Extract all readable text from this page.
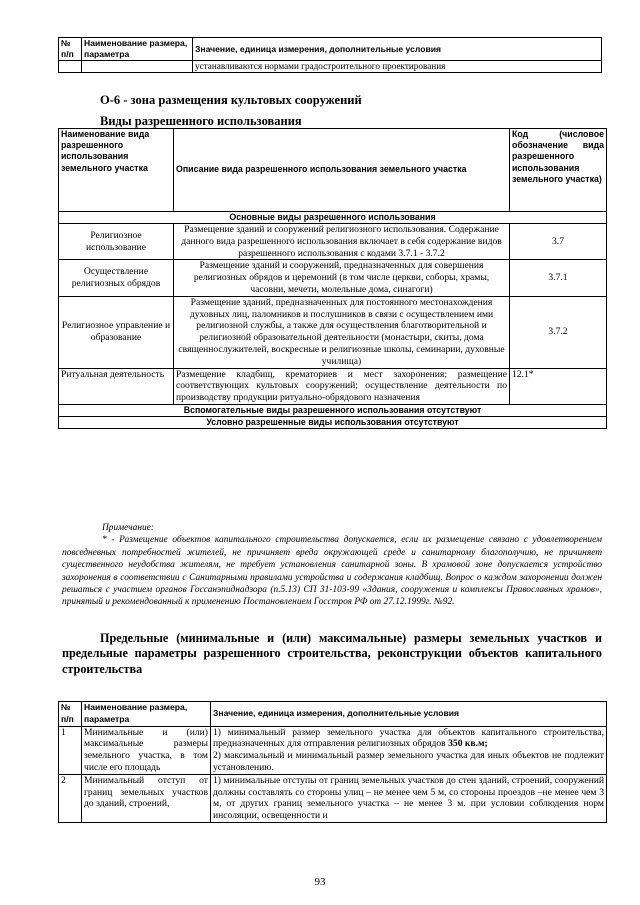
№ п/п	Наименование размера, параметра	Значение, единица измерения, дополнительные условия
		устанавливаются нормами градостроительного проектирования
О-6 - зона размещения культовых сооружений
Виды разрешенного использования
Наименование вида разрешенного использования земельного участка	Описание вида разрешенного использования земельного участка	Код (числовое обозначение вида разрешенного использования земельного участка)
Основные виды разрешенного использования		
Религиозное использование	Размещение зданий и сооружений религиозного использования. Содержание данного вида разрешенного использования включает в себя содержание видов разрешенного использования с кодами 3.7.1 - 3.7.2	3.7
Осуществление религиозных обрядов	Размещение зданий и сооружений, предназначенных для совершения религиозных обрядов и церемоний (в том числе церкви, соборы, храмы, часовни, мечети, молельные дома, синагоги)	3.7.1
Религиозное управление и образование	Размещение зданий, предназначенных для постоянного местонахождения духовных лиц, паломников и послушников в связи с осуществлением ими религиозной службы, а также для осуществления благотворительной и религиозной образовательной деятельности (монастыри, скиты, дома священнослужителей, воскресные и религиозные школы, семинарии, духовные училища)	3.7.2
Ритуальная деятельность	Размещение кладбищ, крематориев и мест захоронения; размещение соответствующих культовых сооружений; осуществление деятельности по производству продукции ритуально-обрядового назначения	12.1*
Вспомогательные виды разрешенного использования отсутствуют		
Условно разрешенные виды использования отсутствуют		

Примечание:

* - Размещение объектов капитального строительства допускается, если их размещение связано с удовлетворением повседневных потребностей жителей, не причиняет вреда окружающей среде и санитарному благополучию, не причиняет существенного неудобства жителям, не требует установления санитарной зоны. В храмовой зоне допускается устройство захоронения в соответствии с Санитарными правилами устройства и содержания кладбищ. Вопрос о каждом захоронении должен решаться с участием органов Госсанэпиднадзора (п.5.13) СП 31-103-99 «Здания, сооружения и комплексы Православных храмов», принятый и рекомендованный к применению Постановлением Госстроя РФ от 27.12.1999г. №92.

Предельные (минимальные и (или) максимальные) размеры земельных участков и предельные параметры разрешенного строительства, реконструкции объектов капитального строительства
№ п/п	Наименование размера, параметра	Значение, единица измерения, дополнительные условия
1	Минимальные и (или) максимальные размеры земельного участка, в том числе его площадь	1) минимальный размер земельного участка для объектов капитального строительства, предназначенных для отправления религиозных обрядов 350 кв.м;
2) максимальный и минимальный размер земельного участка для иных объектов не подлежит установлению.
2	Минимальный отступ от границ земельных участков до зданий, строений,	1) минимальные отступы от границ земельных участков до стен зданий, строений, сооружений должны составлять со стороны улиц – не менее чем 5 м, со стороны проездов –не менее чем 3 м, от других границ земельного участка – не менее 3 м. при условии соблюдения норм инсоляции, освещенности и
93
